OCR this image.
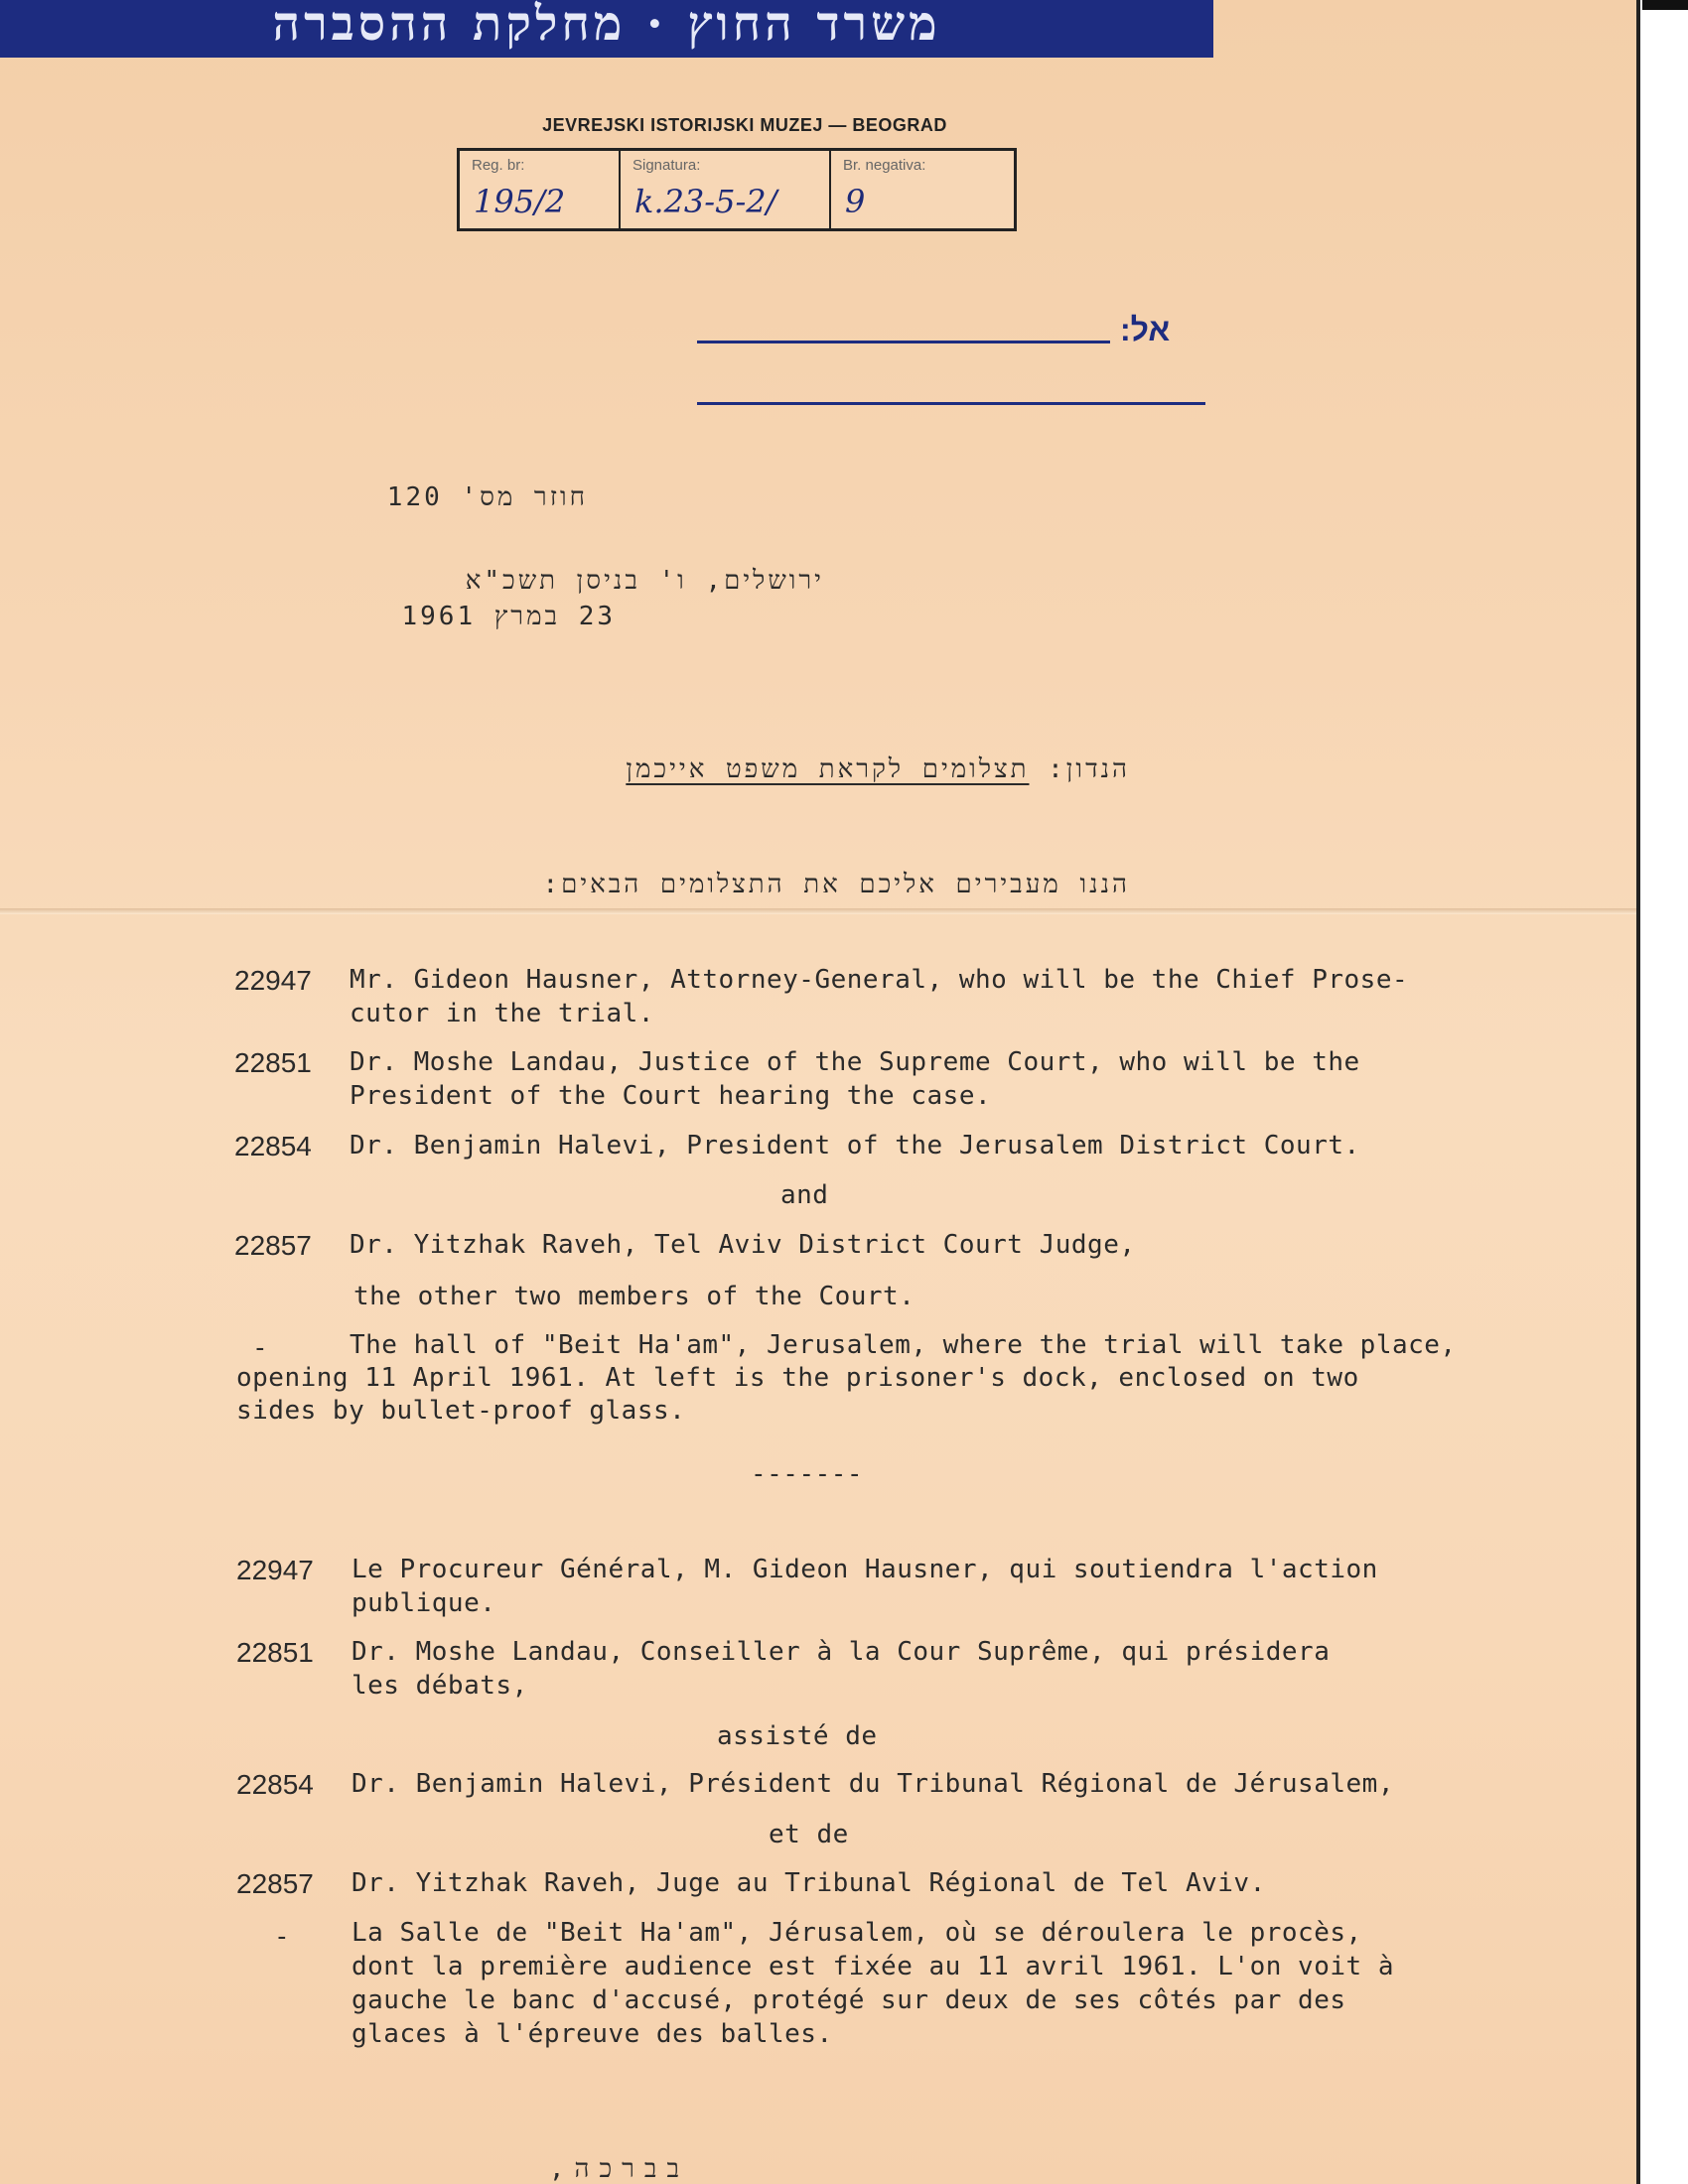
משרד החוץ · מחלקת ההסברה
JEVREJSKI ISTORIJSKI MUZEJ — BEOGRAD
Reg. br:
195/2
Signatura:
k.23-5-2/
Br. negativa:
9
אל:
חוזר מס' 120
ירושלים, ו' בניסן תשכ"א
23 במרץ 1961
הנדון: תצלומים לקראת משפט אייכמן
הננו מעבירים אליכם את התצלומים הבאים:
22947 Mr. Gideon Hausner, Attorney-General, who will be the Chief Prose-
cutor in the trial.
22851 Dr. Moshe Landau, Justice of the Supreme Court, who will be the
President of the Court hearing the case.
22854 Dr. Benjamin Halevi, President of the Jerusalem District Court.
and
22857 Dr. Yitzhak Raveh, Tel Aviv District Court Judge,
the other two members of the Court.
-	The hall of "Beit Ha'am", Jerusalem, where the trial will take place,
opening 11 April 1961. At left is the prisoner's dock, enclosed on two
sides by bullet-proof glass.
-------
22947 Le Procureur Général, M. Gideon Hausner, qui soutiendra l'action
publique.
22851 Dr. Moshe Landau, Conseiller à la Cour Suprême, qui présidera
les débats,
assisté de
22854 Dr. Benjamin Halevi, Président du Tribunal Régional de Jérusalem,
et de
22857 Dr. Yitzhak Raveh, Juge au Tribunal Régional de Tel Aviv.
- La Salle de "Beit Ha'am", Jérusalem, où se déroulera le procès,
dont la première audience est fixée au 11 avril 1961. L'on voit à
gauche le banc d'accusé, protégé sur deux de ses côtés par des
glaces à l'épreuve des balles.
בברכה,
